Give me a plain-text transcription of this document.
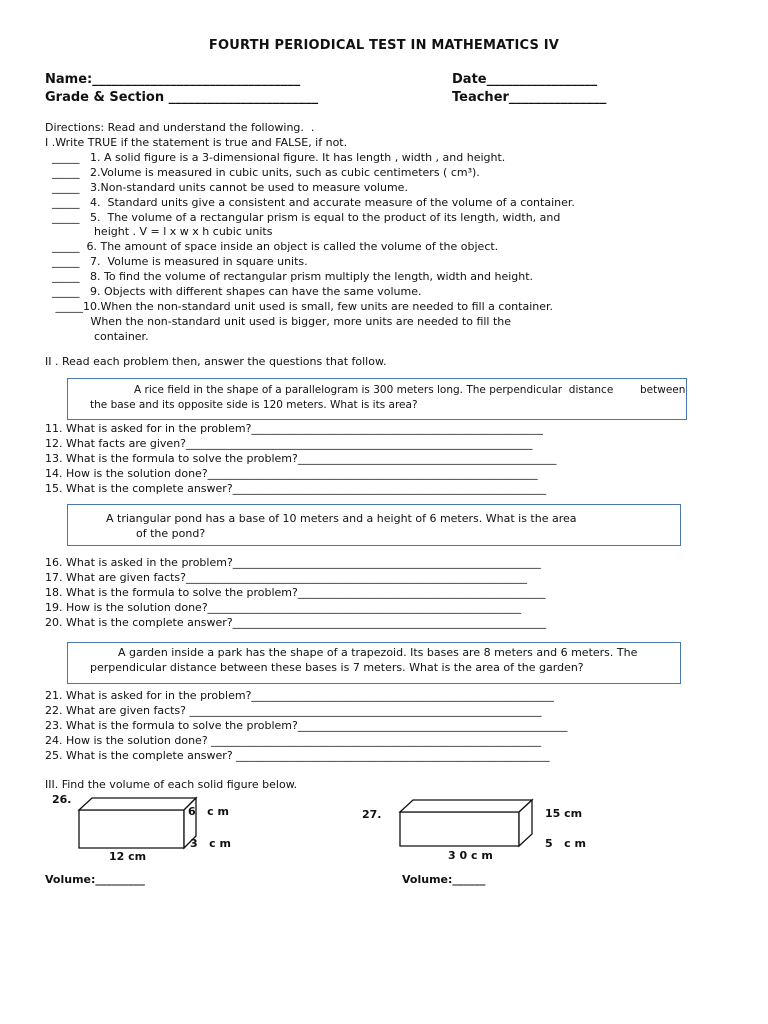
FOURTH PERIODICAL TEST IN MATHEMATICS IV
Name:________________________________	Date_________________
Grade & Section _______________________	Teacher_______________
Directions: Read and understand the following.  .
I .Write TRUE if the statement is true and FALSE, if not.
_____   1. A solid figure is a 3-dimensional figure. It has length , width , and height.
_____   2.Volume is measured in cubic units, such as cubic centimeters ( cm³).
_____   3.Non-standard units cannot be used to measure volume.
_____   4.  Standard units give a consistent and accurate measure of the volume of a container.
_____   5.  The volume of a rectangular prism is equal to the product of its length, width, and
height . V = l x w x h cubic units
_____  6. The amount of space inside an object is called the volume of the object.
_____   7.  Volume is measured in square units.
_____   8. To find the volume of rectangular prism multiply the length, width and height.
_____   9. Objects with different shapes can have the same volume.
_____10.When the non-standard unit used is small, few units are needed to fill a container.
When the non-standard unit used is bigger, more units are needed to fill the
container.
II . Read each problem then, answer the questions that follow.
A rice field in the shape of a parallelogram is 300 meters long. The perpendicular  distance        between
the base and its opposite side is 120 meters. What is its area?
11. What is asked for in the problem?_____________________________________________________
12. What facts are given?_______________________________________________________________
13. What is the formula to solve the problem?_______________________________________________
14. How is the solution done?____________________________________________________________
15. What is the complete answer?_________________________________________________________
A triangular pond has a base of 10 meters and a height of 6 meters. What is the area
of the pond?
16. What is asked in the problem?________________________________________________________
17. What are given facts?______________________________________________________________
18. What is the formula to solve the problem?_____________________________________________
19. How is the solution done?_________________________________________________________
20. What is the complete answer?_________________________________________________________
A garden inside a park has the shape of a trapezoid. Its bases are 8 meters and 6 meters. The
perpendicular distance between these bases is 7 meters. What is the area of the garden?
21. What is asked for in the problem?_______________________________________________________
22. What are given facts? ________________________________________________________________
23. What is the formula to solve the problem?_________________________________________________
24. How is the solution done? ____________________________________________________________
25. What is the complete answer? _________________________________________________________
III. Find the volume of each solid figure below.
26.
6   c m
3   c m
12 cm
Volume:_________
27.	15 cm
5   c m
3 0 c m
Volume:______
